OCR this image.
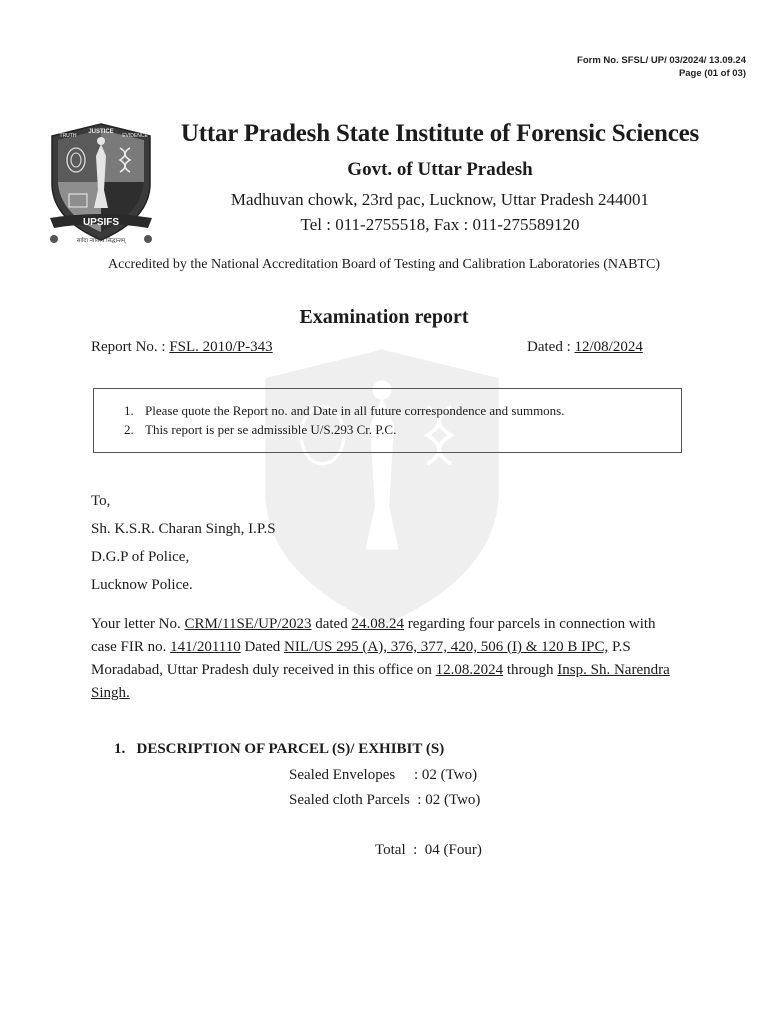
Form No. SFSL/ UP/ 03/2024/ 13.09.24
Page (01 of 03)
UPSIFS
JUSTICE
TRUTH	EVIDENCE
सर्वदा न्यायस्य सिद्धान्तम्
Uttar Pradesh State Institute of Forensic Sciences
Govt. of Uttar Pradesh
Madhuvan chowk, 23rd pac, Lucknow, Uttar Pradesh 244001
Tel : 011-2755518, Fax : 011-275589120
Accredited by the National Accreditation Board of Testing and Calibration Laboratories (NABTC)
Examination report
Report No. : FSL. 2010/P-343	Dated : 12/08/2024
1. Please quote the Report no. and Date in all future correspondence and summons.
2. This report is per se admissible U/S.293 Cr. P.C.
To,
Sh. K.S.R. Charan Singh, I.P.S
D.G.P of Police,
Lucknow Police.
Your letter No. CRM/11SE/UP/2023 dated 24.08.24 regarding four parcels in connection with case FIR no. 141/201110 Dated NIL/US 295 (A), 376, 377, 420, 506 (I) & 120 B IPC, P.S Moradabad, Uttar Pradesh duly received in this office on 12.08.2024 through Insp. Sh. Narendra Singh.
1.   DESCRIPTION OF PARCEL (S)/ EXHIBIT (S)
Sealed Envelopes     : 02 (Two)
Sealed cloth Parcels  : 02 (Two)
Total  :  04 (Four)
